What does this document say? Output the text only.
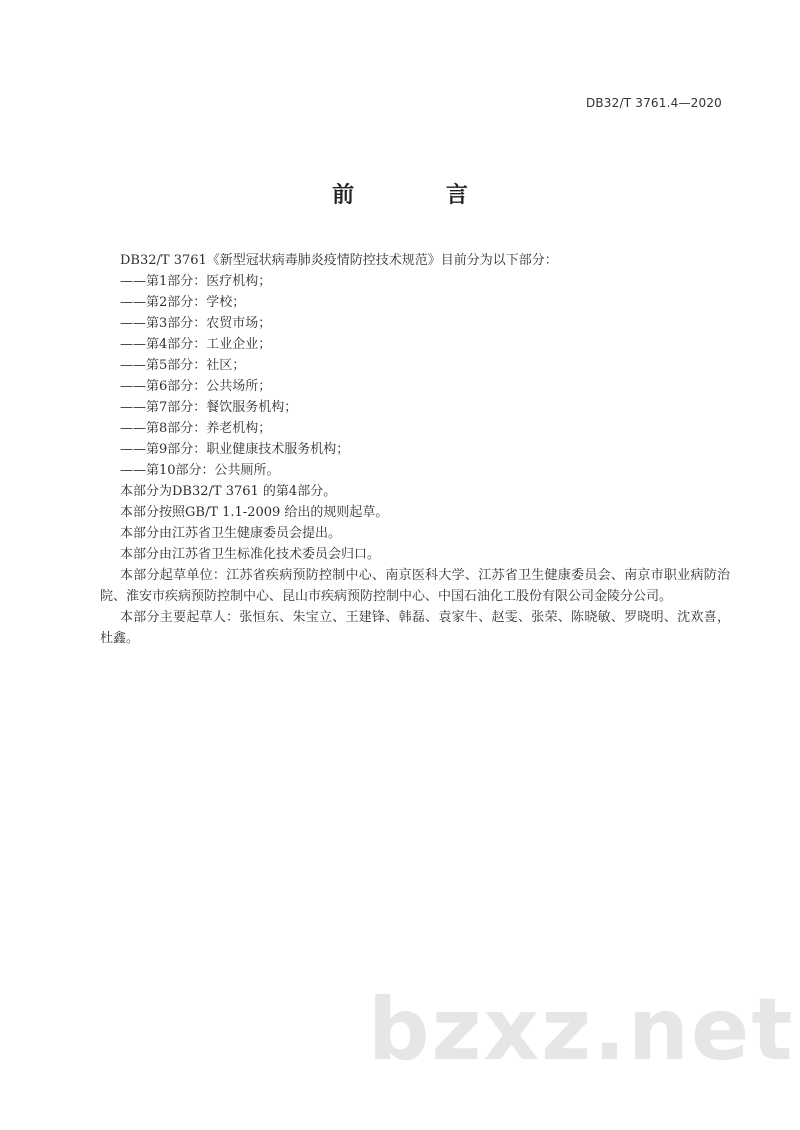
DB32/T 3761.4—2020
前 言

DB32/T 3761《新型冠状病毒肺炎疫情防控技术规范》目前分为以下部分：

——第1部分：医疗机构；

——第2部分：学校；

——第3部分：农贸市场；

——第4部分：工业企业；

——第5部分：社区；

——第6部分：公共场所；

——第7部分：餐饮服务机构；

——第8部分：养老机构；

——第9部分：职业健康技术服务机构；

——第10部分：公共厕所。

本部分为DB32/T 3761 的第4部分。

本部分按照GB/T 1.1-2009 给出的规则起草。

本部分由江苏省卫生健康委员会提出。

本部分由江苏省卫生标准化技术委员会归口。

本部分起草单位：江苏省疾病预防控制中心、南京医科大学、江苏省卫生健康委员会、南京市职业病防治院、淮安市疾病预防控制中心、昆山市疾病预防控制中心、中国石油化工股份有限公司金陵分公司。

本部分主要起草人：张恒东、朱宝立、王建锋、韩磊、袁家牛、赵雯、张荣、陈晓敏、罗晓明、沈欢喜，杜鑫。

bzxz.net
